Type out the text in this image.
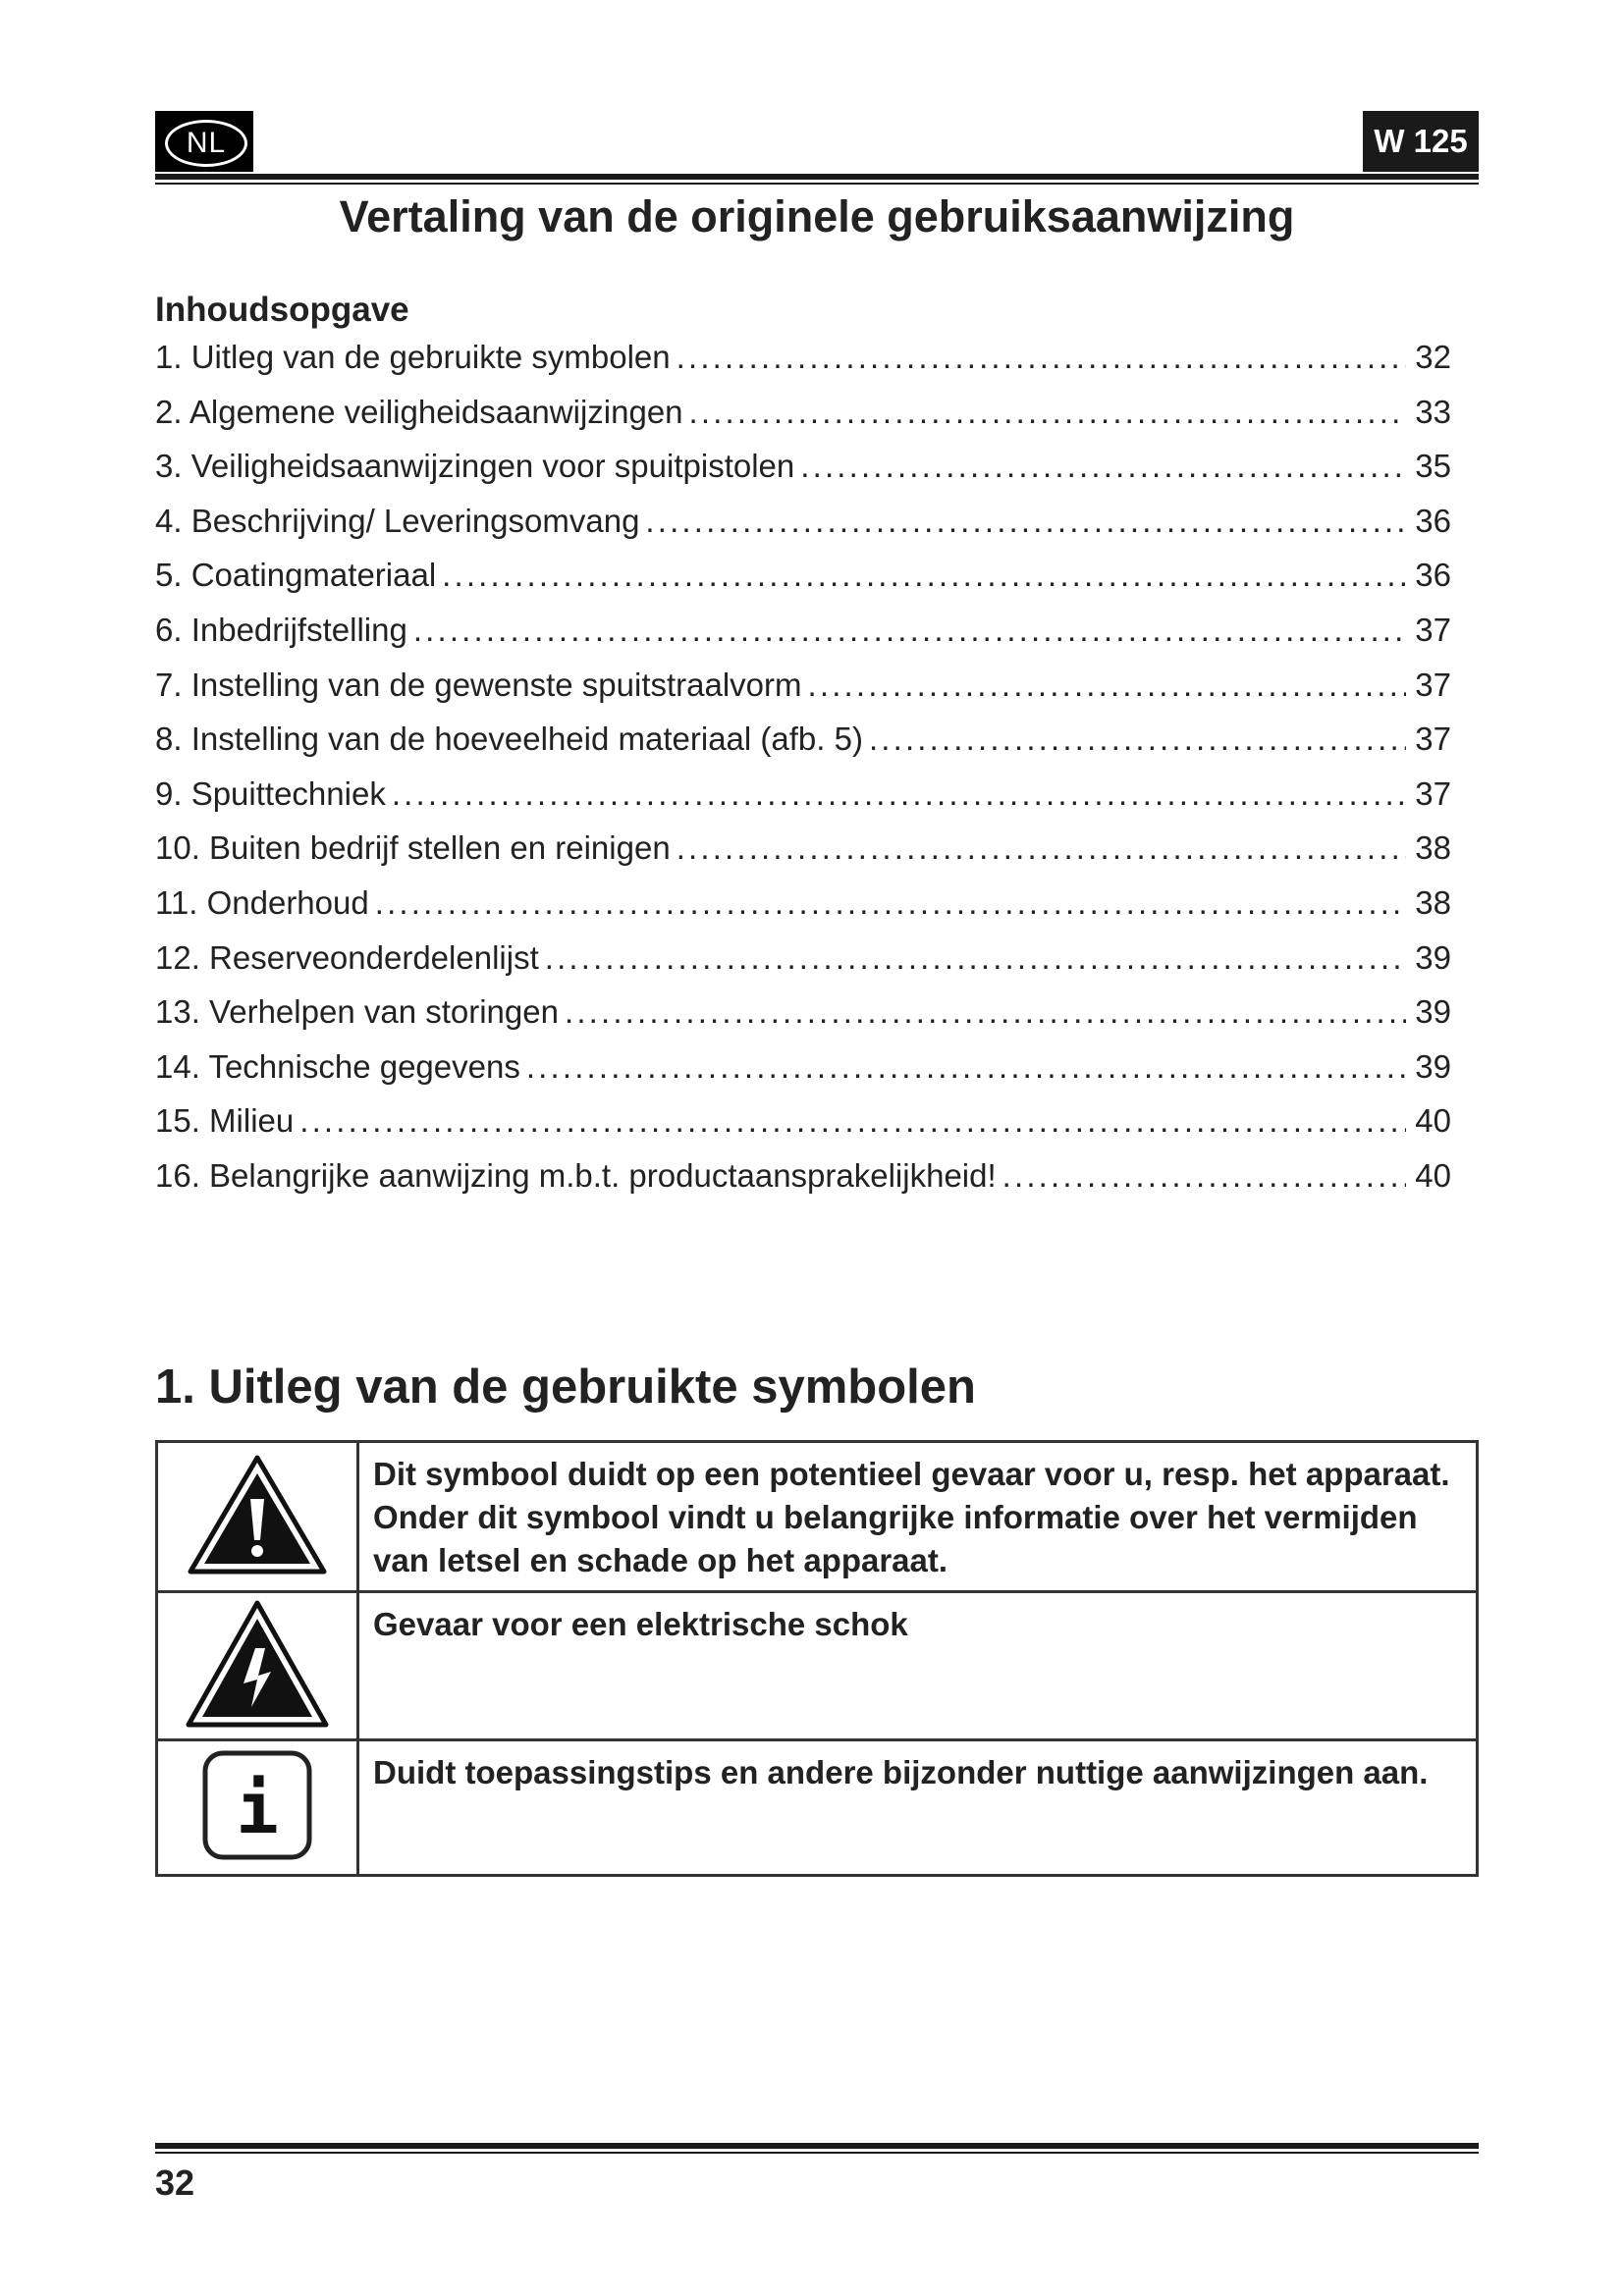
NL	W 125
Vertaling van de originele gebruiksaanwijzing
Inhoudsopgave
1. Uitleg van de gebruikte symbolen . . .	32
2. Algemene veiligheidsaanwijzingen . . .	33
3. Veiligheidsaanwijzingen voor spuitpistolen . . .	35
4. Beschrijving/ Leveringsomvang . . .	36
5. Coatingmateriaal . . .	36
6. Inbedrijfstelling . . .	37
7. Instelling van de gewenste spuitstraalvorm . . .	37
8. Instelling van de hoeveelheid materiaal (afb. 5) . . .	37
9. Spuittechniek . . .	37
10. Buiten bedrijf stellen en reinigen . . .	38
11. Onderhoud . . .	38
12. Reserveonderdelenlijst . . .	39
13. Verhelpen van storingen . . .	39
14. Technische gegevens . . .	39
15. Milieu . . .	40
16. Belangrijke aanwijzing m.b.t. productaansprakelijkheid! . . .	40
1. Uitleg van de gebruikte symbolen
	Dit symbool duidt op een potentieel gevaar voor u, resp. het apparaat. Onder dit symbool vindt u belangrijke informatie over het vermijden van letsel en schade op het apparaat.
	Gevaar voor een elektrische schok

i	Duidt toepassingstips en andere bijzonder nuttige aanwijzingen aan.
32
